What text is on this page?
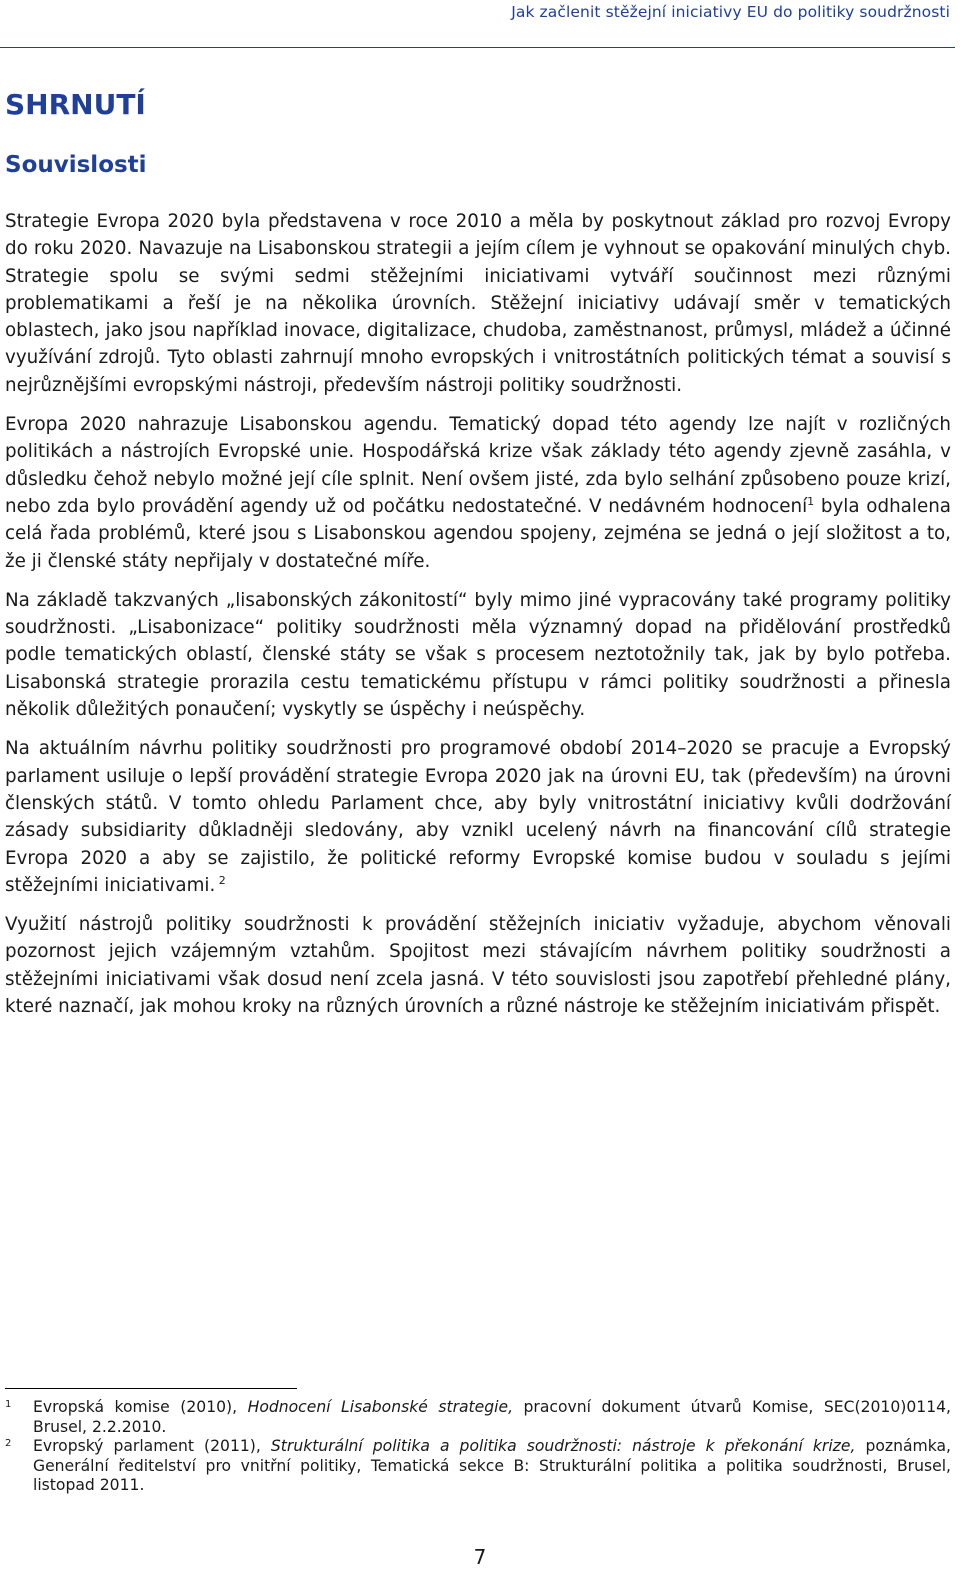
Jak začlenit stěžejní iniciativy EU do politiky soudržnosti
SHRNUTÍ
Souvislosti

Strategie Evropa 2020 byla představena v roce 2010 a měla by poskytnout základ pro rozvoj Evropy do roku 2020. Navazuje na Lisabonskou strategii a jejím cílem je vyhnout se opakování minulých chyb. Strategie spolu se svými sedmi stěžejními iniciativami vytváří součinnost mezi různými problematikami a řeší je na několika úrovních. Stěžejní iniciativy udávají směr v tematických oblastech, jako jsou například inovace, digitalizace, chudoba, zaměstnanost, průmysl, mládež a účinné využívání zdrojů. Tyto oblasti zahrnují mnoho evropských i vnitrostátních politických témat a souvisí s nejrůznějšími evropskými nástroji, především nástroji politiky soudržnosti.

Evropa 2020 nahrazuje Lisabonskou agendu. Tematický dopad této agendy lze najít v rozličných politikách a nástrojích Evropské unie. Hospodářská krize však základy této agendy zjevně zasáhla, v důsledku čehož nebylo možné její cíle splnit. Není ovšem jisté, zda bylo selhání způsobeno pouze krizí, nebo zda bylo provádění agendy už od počátku nedostatečné. V nedávném hodnocení$^1$ byla odhalena celá řada problémů, které jsou s Lisabonskou agendou spojeny, zejména se jedná o její složitost a to, že ji členské státy nepřijaly v dostatečné míře.

Na základě takzvaných „lisabonských zákonitostí“ byly mimo jiné vypracovány také programy politiky soudržnosti. „Lisabonizace“ politiky soudržnosti měla významný dopad na přidělování prostředků podle tematických oblastí, členské státy se však s procesem neztotožnily tak, jak by bylo potřeba. Lisabonská strategie prorazila cestu tematickému přístupu v rámci politiky soudržnosti a přinesla několik důležitých ponaučení; vyskytly se úspěchy i neúspěchy.

Na aktuálním návrhu politiky soudržnosti pro programové období 2014–2020 se pracuje a Evropský parlament usiluje o lepší provádění strategie Evropa 2020 jak na úrovni EU, tak (především) na úrovni členských států. V tomto ohledu Parlament chce, aby byly vnitrostátní iniciativy kvůli dodržování zásady subsidiarity důkladněji sledovány, aby vznikl ucelený návrh na financování cílů strategie Evropa 2020 a aby se zajistilo, že politické reformy Evropské komise budou v souladu s jejími stěžejními iniciativami. $^2$

Využití nástrojů politiky soudržnosti k provádění stěžejních iniciativ vyžaduje, abychom věnovali pozornost jejich vzájemným vztahům. Spojitost mezi stávajícím návrhem politiky soudržnosti a stěžejními iniciativami však dosud není zcela jasná. V této souvislosti jsou zapotřebí přehledné plány, které naznačí, jak mohou kroky na různých úrovních a různé nástroje ke stěžejním iniciativám přispět.

1 Evropská komise (2010), Hodnocení Lisabonské strategie, pracovní dokument útvarů Komise, SEC(2010)0114, Brusel, 2.2.2010.
2 Evropský parlament (2011), Strukturální politika a politika soudržnosti: nástroje k překonání krize, poznámka, Generální ředitelství pro vnitřní politiky, Tematická sekce B: Strukturální politika a politika soudržnosti, Brusel, listopad 2011.
7
